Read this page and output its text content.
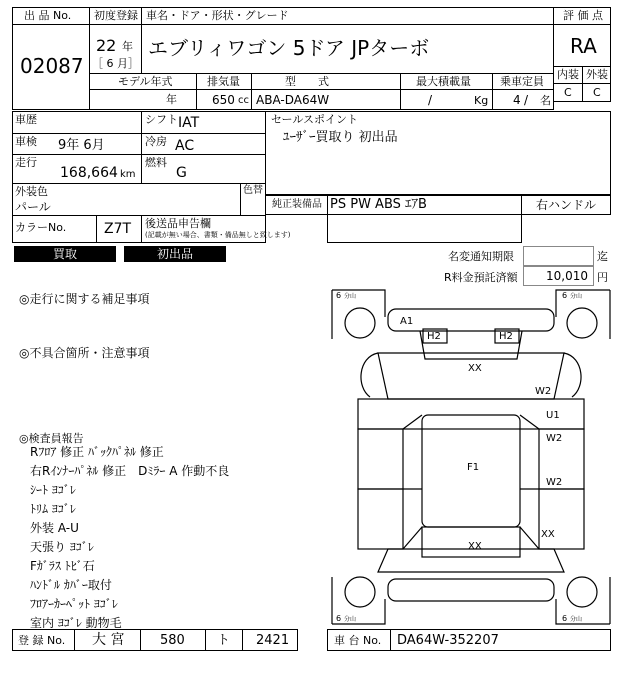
出 品 No.
02087
初度登録
22 年
［ 6 月］
車名・ドア・形状・グレード
エブリィワゴン 5ドア JPターボ
評 価 点
RA
内装 外装
C C
モデル年式	排気量	型　　式	最大積載量	乗車定員
年	650 cc ABA-DA64W	/	Kg 4 / 名
車歴	シフト IAT
車検 9年 6月	冷房 AC
走行
168,664 km
燃料
G
外装色
パール
色替
カラーNo.	Z7T 後送品申告欄
(記載が無い場合、書類・備品無しと致します)
セールスポイント
ﾕｰｻﾞｰ買取り 初出品
純正装備品 PS PW ABS ｴｱB	右ハンドル
買取	初出品	名変通知期限	迄
R料金預託済額 10,010 円
◎走行に関する補足事項
◎不具合箇所・注意事項
◎検査員報告
Rﾌﾛｱ 修正 ﾊﾞｯｸﾊﾟﾈﾙ 修正
右Rｲﾝﾅｰﾊﾟﾈﾙ 修正　Dﾐﾗｰ A 作動不良
ｼｰﾄ ﾖｺﾞﾚ
ﾄﾘﾑ ﾖｺﾞﾚ
外装 A-U
天張り ﾖｺﾞﾚ
Fｶﾞﾗｽ ﾄﾋﾞ石
ﾊﾝﾄﾞﾙ ｶﾊﾞｰ取付
ﾌﾛｱｰｶｰﾍﾟｯﾄ ﾖｺﾞﾚ
室内 ﾖｺﾞﾚ 動物毛
6 分山	6 分山
6 分山	6 分山
A1
H2	H2
XX
W2
U1
W2
F1
W2
XX
XX
登 録 No. 大 宮	580 ト 2421	車 台 No. DA64W-352207
